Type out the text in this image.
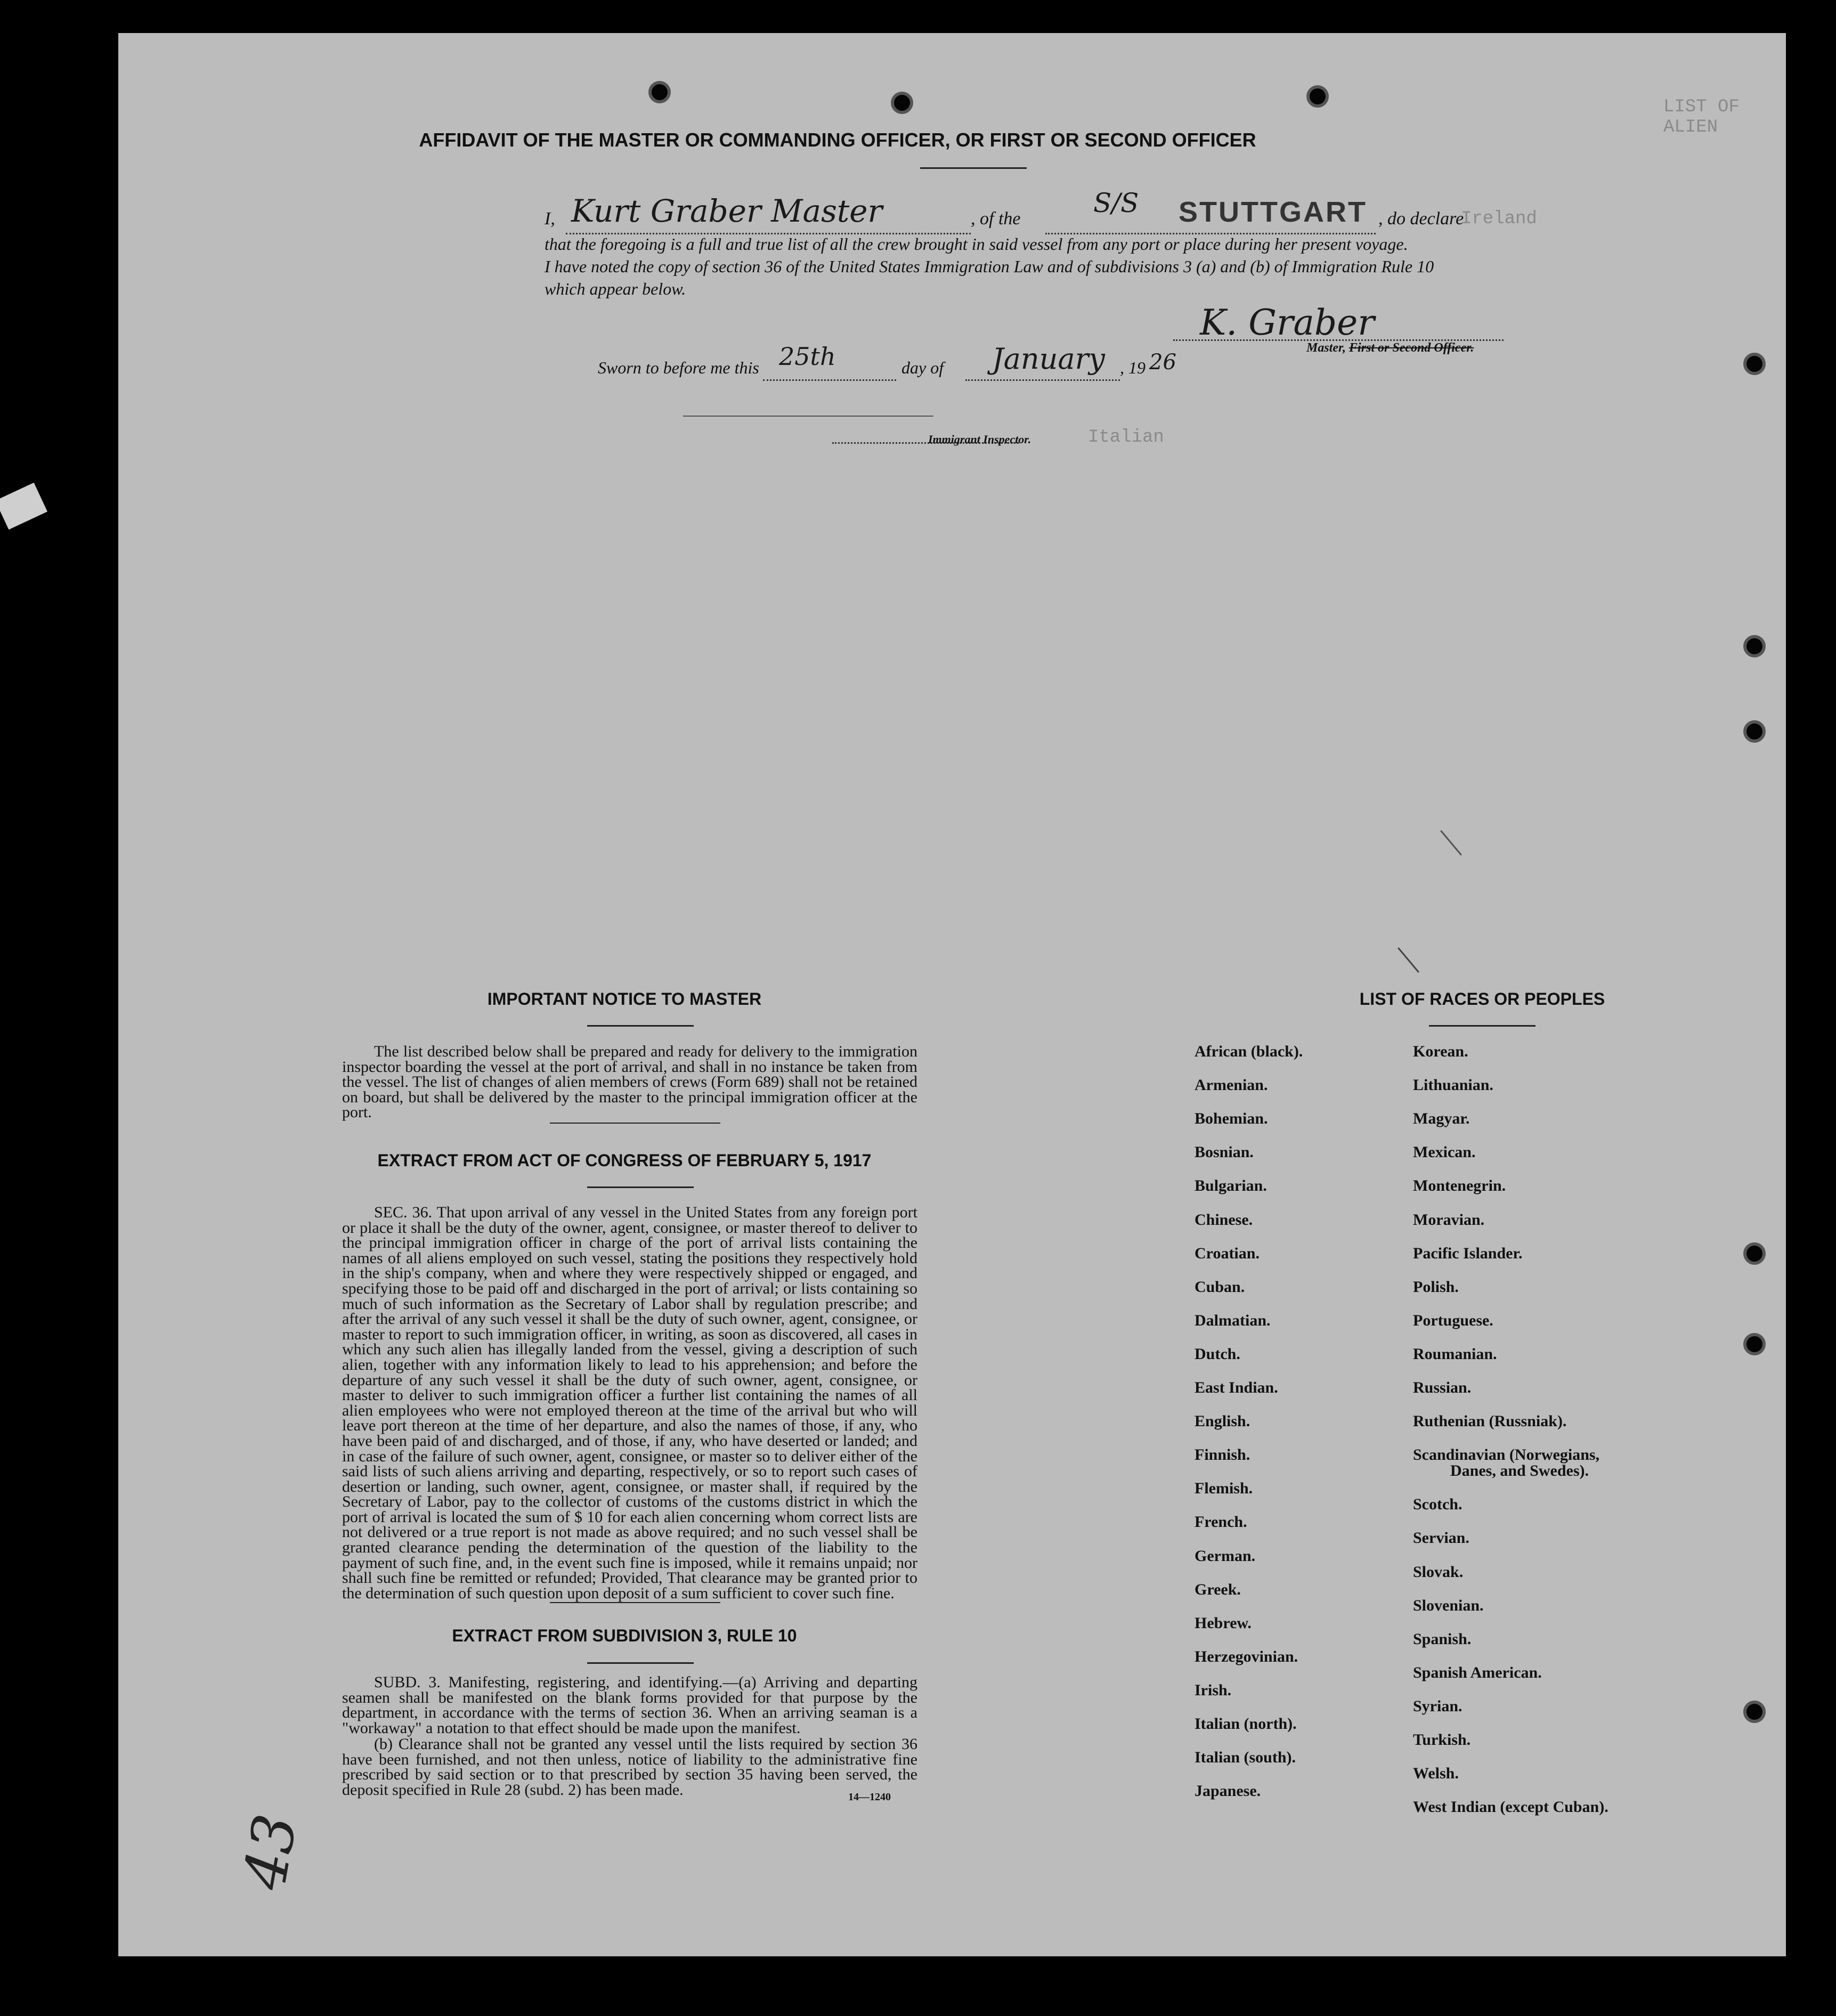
LIST OF ALIEN
Ireland
Italian
AFFIDAVIT OF THE MASTER OR COMMANDING OFFICER, OR FIRST OR SECOND OFFICER
I, Kurt Graber Master	, of the
S/S STUTTGART , do declare
that the foregoing is a full and true list of all the crew brought in said vessel from any port or place during her present voyage.
I have noted the copy of section 36 of the United States Immigration Law and of subdivisions 3 (a) and (b) of Immigration Rule 10
which appear below.
K. Graber
Master, First or Second Officer.
Sworn to before me this 25th	day of January , 19 26
Immigrant Inspector.
IMPORTANT NOTICE TO MASTER
The list described below shall be prepared and ready for delivery to the immigration inspector boarding the vessel at the port of arrival, and shall in no instance be taken from the vessel. The list of changes of alien members of crews (Form 689) shall not be retained on board, but shall be delivered by the master to the principal immigration officer at the port.
EXTRACT FROM ACT OF CONGRESS OF FEBRUARY 5, 1917
SEC. 36. That upon arrival of any vessel in the United States from any foreign port or place it shall be the duty of the owner, agent, consignee, or master thereof to deliver to the principal immigration officer in charge of the port of arrival lists containing the names of all aliens employed on such vessel, stating the positions they respectively hold in the ship's company, when and where they were respectively shipped or engaged, and specifying those to be paid off and discharged in the port of arrival; or lists containing so much of such information as the Secretary of Labor shall by regulation prescribe; and after the arrival of any such vessel it shall be the duty of such owner, agent, consignee, or master to report to such immigration officer, in writing, as soon as discovered, all cases in which any such alien has illegally landed from the vessel, giving a description of such alien, together with any information likely to lead to his apprehension; and before the departure of any such vessel it shall be the duty of such owner, agent, consignee, or master to deliver to such immigration officer a further list containing the names of all alien employees who were not employed thereon at the time of the arrival but who will leave port thereon at the time of her departure, and also the names of those, if any, who have been paid of and discharged, and of those, if any, who have deserted or landed; and in case of the failure of such owner, agent, consignee, or master so to deliver either of the said lists of such aliens arriving and departing, respectively, or so to report such cases of desertion or landing, such owner, agent, consignee, or master shall, if required by the Secretary of Labor, pay to the collector of customs of the customs district in which the port of arrival is located the sum of $ 10 for each alien concerning whom correct lists are not delivered or a true report is not made as above required; and no such vessel shall be granted clearance pending the determination of the question of the liability to the payment of such fine, and, in the event such fine is imposed, while it remains unpaid; nor shall such fine be remitted or refunded; Provided, That clearance may be granted prior to the determination of such question upon deposit of a sum sufficient to cover such fine.
EXTRACT FROM SUBDIVISION 3, RULE 10
SUBD. 3. Manifesting, registering, and identifying.—(a) Arriving and departing seamen shall be manifested on the blank forms provided for that purpose by the department, in accordance with the terms of section 36. When an arriving seaman is a "workaway" a notation to that effect should be made upon the manifest.
(b) Clearance shall not be granted any vessel until the lists required by section 36 have been furnished, and not then unless, notice of liability to the administrative fine prescribed by said section or to that prescribed by section 35 having been served, the deposit specified in Rule 28 (subd. 2) has been made.	14—1240
LIST OF RACES OR PEOPLES
African (black).
Armenian.
Bohemian.
Bosnian.
Bulgarian.
Chinese.
Croatian.
Cuban.
Dalmatian.
Dutch.
East Indian.
English.
Finnish.
Flemish.
French.
German.
Greek.
Hebrew.
Herzegovinian.
Irish.
Italian (north).
Italian (south).
Japanese.
Korean.
Lithuanian.
Magyar.
Mexican.
Montenegrin.
Moravian.
Pacific Islander.
Polish.
Portuguese.
Roumanian.
Russian.
Ruthenian (Russniak).
Scandinavian (Norwegians,
Danes, and Swedes).
Scotch.
Servian.
Slovak.
Slovenian.
Spanish.
Spanish American.
Syrian.
Turkish.
Welsh.
West Indian (except Cuban).
43
